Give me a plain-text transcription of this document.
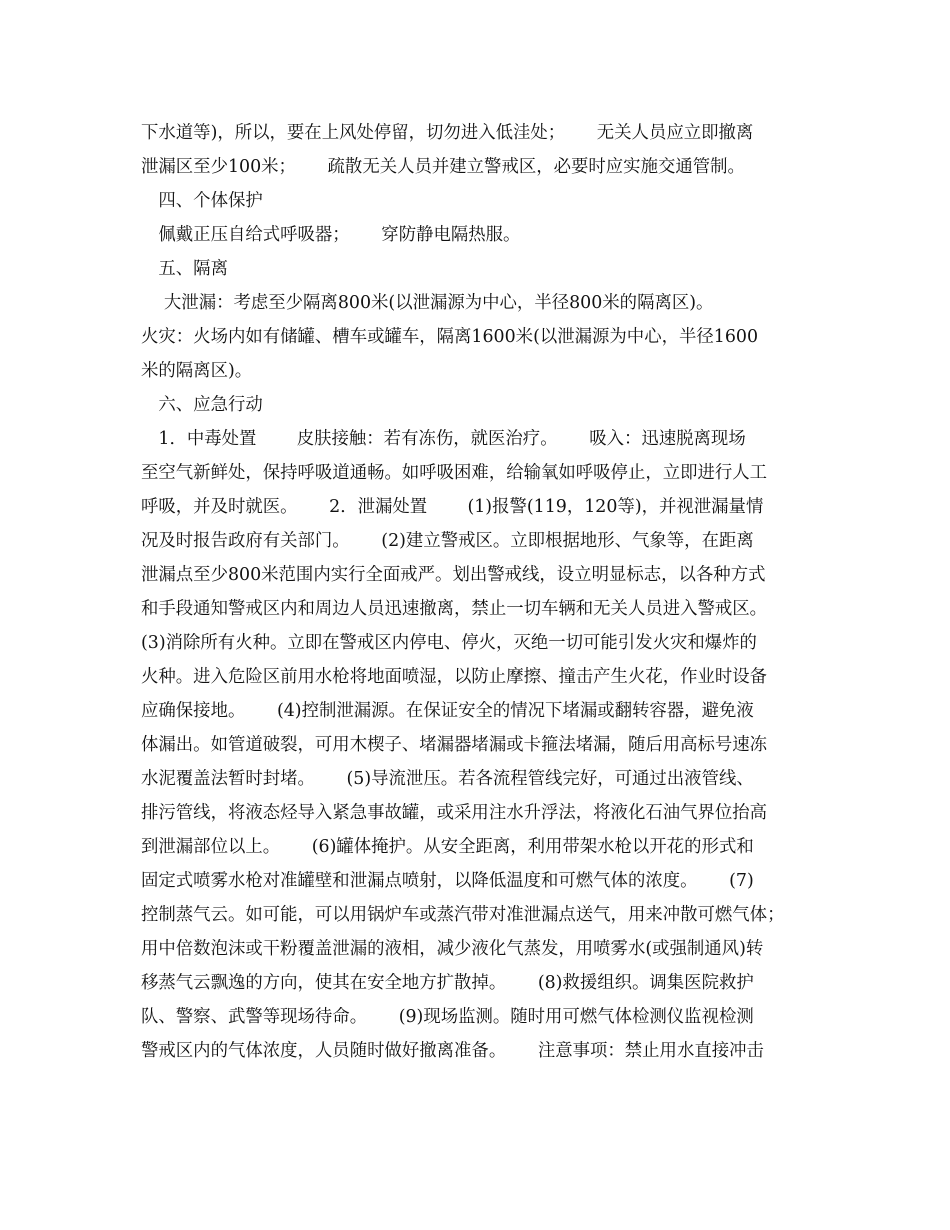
下水道等)，所以，要在上风处停留，切勿进入低洼处；　　 无关人员应立即撤离
泄漏区至少100米；　　 疏散无关人员并建立警戒区，必要时应实施交通管制。
　四、个体保护
　佩戴正压自给式呼吸器；　　 穿防静电隔热服。
　五、隔离
　 大泄漏：考虑至少隔离800米(以泄漏源为中心，半径800米的隔离区)。
火灾：火场内如有储罐、槽车或罐车，隔离1600米(以泄漏源为中心，半径1600
米的隔离区)。
　六、应急行动
　1．中毒处置　　 皮肤接触：若有冻伤，就医治疗。　　 吸入：迅速脱离现场
至空气新鲜处，保持呼吸道通畅。如呼吸困难，给输氧如呼吸停止，立即进行人工
呼吸，并及时就医。　　 2．泄漏处置　　 (1)报警(119，120等)，并视泄漏量情
况及时报告政府有关部门。　　 (2)建立警戒区。立即根据地形、气象等，在距离
泄漏点至少800米范围内实行全面戒严。划出警戒线，设立明显标志，以各种方式
和手段通知警戒区内和周边人员迅速撤离，禁止一切车辆和无关人员进入警戒区。
(3)消除所有火种。立即在警戒区内停电、停火，灭绝一切可能引发火灾和爆炸的
火种。进入危险区前用水枪将地面喷湿，以防止摩擦、撞击产生火花，作业时设备
应确保接地。　　 (4)控制泄漏源。在保证安全的情况下堵漏或翻转容器，避免液
体漏出。如管道破裂，可用木楔子、堵漏器堵漏或卡箍法堵漏，随后用高标号速冻
水泥覆盖法暂时封堵。　　 (5)导流泄压。若各流程管线完好，可通过出液管线、
排污管线，将液态烃导入紧急事故罐，或采用注水升浮法，将液化石油气界位抬高
到泄漏部位以上。　　 (6)罐体掩护。从安全距离，利用带架水枪以开花的形式和
固定式喷雾水枪对准罐壁和泄漏点喷射，以降低温度和可燃气体的浓度。　　 (7)
控制蒸气云。如可能，可以用锅炉车或蒸汽带对准泄漏点送气，用来冲散可燃气体；
用中倍数泡沫或干粉覆盖泄漏的液相，减少液化气蒸发，用喷雾水(或强制通风)转
移蒸气云飘逸的方向，使其在安全地方扩散掉。　　 (8)救援组织。调集医院救护
队、警察、武警等现场待命。　　 (9)现场监测。随时用可燃气体检测仪监视检测
警戒区内的气体浓度，人员随时做好撤离准备。　　 注意事项：禁止用水直接冲击
